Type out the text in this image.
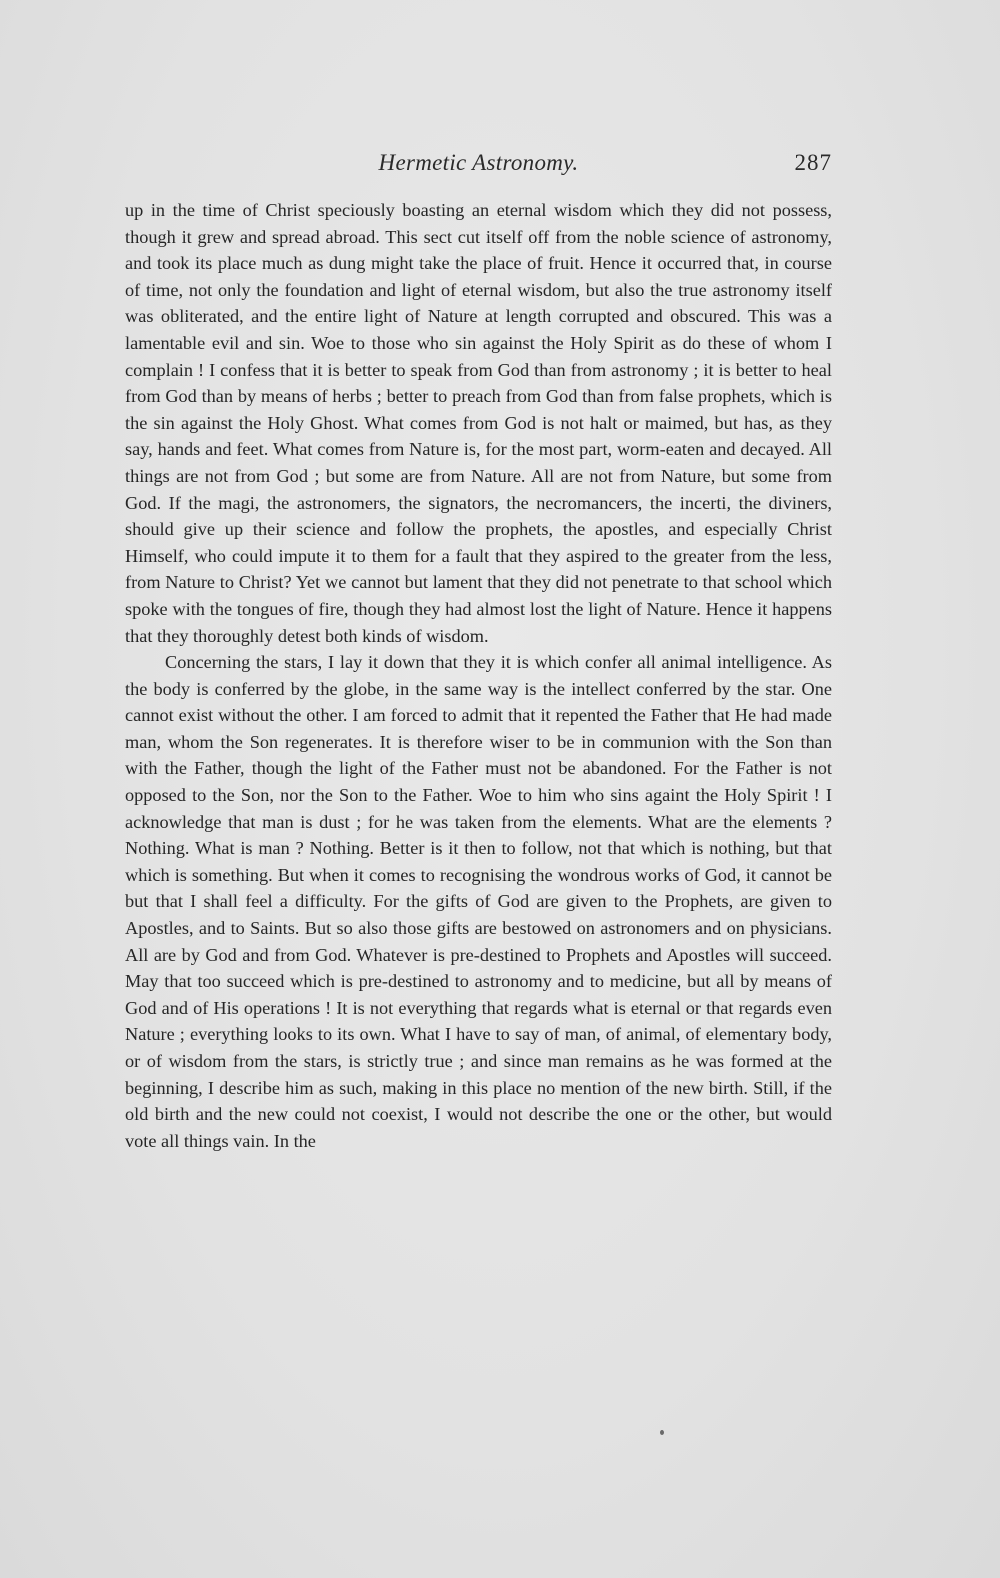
Hermetic Astronomy.	287

up in the time of Christ speciously boasting an eternal wisdom which they did not possess, though it grew and spread abroad. This sect cut itself off from the noble science of astronomy, and took its place much as dung might take the place of fruit. Hence it occurred that, in course of time, not only the foundation and light of eternal wisdom, but also the true astronomy itself was obliterated, and the entire light of Nature at length corrupted and obscured. This was a lamentable evil and sin. Woe to those who sin against the Holy Spirit as do these of whom I complain ! I confess that it is better to speak from God than from astronomy ; it is better to heal from God than by means of herbs ; better to preach from God than from false prophets, which is the sin against the Holy Ghost. What comes from God is not halt or maimed, but has, as they say, hands and feet. What comes from Nature is, for the most part, worm-eaten and decayed. All things are not from God ; but some are from Nature. All are not from Nature, but some from God. If the magi, the astronomers, the signators, the necromancers, the incerti, the diviners, should give up their science and follow the prophets, the apostles, and especially Christ Himself, who could impute it to them for a fault that they aspired to the greater from the less, from Nature to Christ? Yet we cannot but lament that they did not penetrate to that school which spoke with the tongues of fire, though they had almost lost the light of Nature. Hence it happens that they thoroughly detest both kinds of wisdom.

Concerning the stars, I lay it down that they it is which confer all animal intelligence. As the body is conferred by the globe, in the same way is the intellect conferred by the star. One cannot exist without the other. I am forced to admit that it repented the Father that He had made man, whom the Son regenerates. It is therefore wiser to be in communion with the Son than with the Father, though the light of the Father must not be abandoned. For the Father is not opposed to the Son, nor the Son to the Father. Woe to him who sins againt the Holy Spirit ! I acknowledge that man is dust ; for he was taken from the elements. What are the elements ? Nothing. What is man ? Nothing. Better is it then to follow, not that which is nothing, but that which is something. But when it comes to recognising the wondrous works of God, it cannot be but that I shall feel a difficulty. For the gifts of God are given to the Prophets, are given to Apostles, and to Saints. But so also those gifts are bestowed on astronomers and on physicians. All are by God and from God. Whatever is pre-destined to Prophets and Apostles will succeed. May that too succeed which is pre-destined to astronomy and to medicine, but all by means of God and of His operations ! It is not everything that regards what is eternal or that regards even Nature ; everything looks to its own. What I have to say of man, of animal, of elementary body, or of wisdom from the stars, is strictly true ; and since man remains as he was formed at the beginning, I describe him as such, making in this place no mention of the new birth. Still, if the old birth and the new could not coexist, I would not describe the one or the other, but would vote all things vain. In the
